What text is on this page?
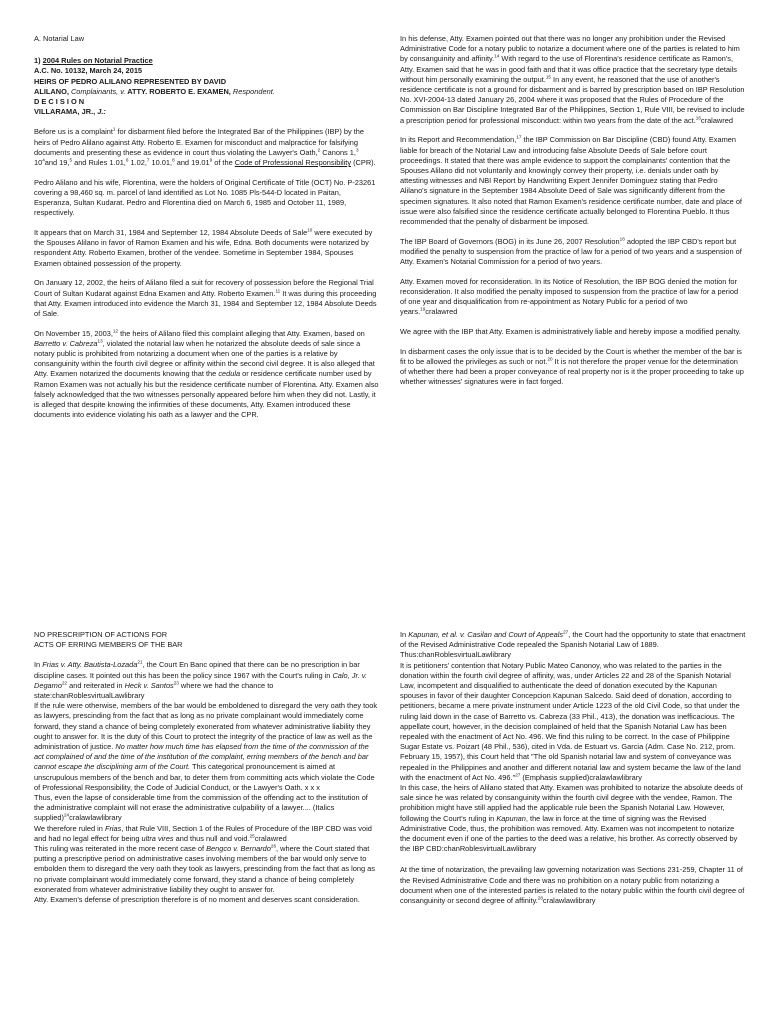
A. Notarial Law

1) 2004 Rules on Notarial Practice
A.C. No. 10132, March 24, 2015
HEIRS OF PEDRO ALILANO REPRESENTED BY DAVID
ALILANO, Complainants, v. ATTY. ROBERTO E. EXAMEN, Respondent.
D E C I S I O N
VILLARAMA, JR., J.:

Before us is a complaint$^1$ for disbarment filed before the Integrated Bar of the Philippines (IBP) by the heirs of Pedro Alilano against Atty. Roberto E. Examen for misconduct and malpractice for falsifying documents and presenting these as evidence in court thus violating the Lawyer's Oath,$^2$ Canons 1,$^3$ $10^4and$ 19,$^5$ and Rules 1.01,$^6$ 1.02,$^7$ 10.01,$^8$ and 19.01$^9$ of the Code of Professional Responsibility (CPR).

Pedro Alilano and his wife, Florentina, were the holders of Original Certificate of Title (OCT) No. P-23261 covering a 98,460 sq. m. parcel of land identified as Lot No. 1085 Pls-544-D located in Paitan, Esperanza, Sultan Kudarat. Pedro and Florentina died on March 6, 1985 and October 11, 1989, respectively.

It appears that on March 31, 1984 and September 12, 1984 Absolute Deeds of Sale$^{10}$ were executed by the Spouses Alilano in favor of Ramon Examen and his wife, Edna. Both documents were notarized by respondent Atty. Roberto Examen, brother of the vendee. Sometime in September 1984, Spouses Examen obtained possession of the property.

On January 12, 2002, the heirs of Alilano filed a suit for recovery of possession before the Regional Trial Court of Sultan Kudarat against Edna Examen and Atty. Roberto Examen.$^{11}$ It was during this proceeding that Atty. Examen introduced into evidence the March 31, 1984 and September 12, 1984 Absolute Deeds of Sale.

On November 15, 2003,12 the heirs of Alilano filed this complaint alleging that Atty. Examen, based on Barretto v. Cabreza$^{13}$, violated the notarial law when he notarized the absolute deeds of sale since a notary public is prohibited from notarizing a document when one of the parties is a relative by consanguinity within the fourth civil degree or affinity within the second civil degree. It is also alleged that Atty. Examen notarized the documents knowing that the cedula or residence certificate number used by Ramon Examen was not actually his but the residence certificate number of Florentina. Atty. Examen also falsely acknowledged that the two witnesses personally appeared before him when they did not. Lastly, it is alleged that despite knowing the infirmities of these documents, Atty. Examen introduced these documents into evidence violating his oath as a lawyer and the CPR.

In his defense, Atty. Examen pointed out that there was no longer any prohibition under the Revised Administrative Code for a notary public to notarize a document where one of the parties is related to him by consanguinity and affinity.$^{14}$ With regard to the use of Florentina's residence certificate as Ramon's, Atty. Examen said that he was in good faith and that it was office practice that the secretary type details without him personally examining the output.$^{15}$ In any event, he reasoned that the use of another's residence certificate is not a ground for disbarment and is barred by prescription based on IBP Resolution No. XVI-2004-13 dated January 26, 2004 where it was proposed that the Rules of Procedure of the Commission on Bar Discipline Integrated Bar of the Philippines, Section 1, Rule VIII, be revised to include a prescription period for professional misconduct: within two years from the date of the act.$^{16}$cralawred

In its Report and Recommendation,$^{17}$ the IBP Commission on Bar Discipline (CBD) found Atty. Examen liable for breach of the Notarial Law and introducing false Absolute Deeds of Sale before court proceedings. It stated that there was ample evidence to support the complainants' contention that the Spouses Alilano did not voluntarily and knowingly convey their property, i.e. denials under oath by attesting witnesses and NBI Report by Handwriting Expert Jennifer Dominguez stating that Pedro Alilano's signature in the September 1984 Absolute Deed of Sale was significantly different from the specimen signatures. It also noted that Ramon Examen's residence certificate number, date and place of issue were also falsified since the residence certificate actually belonged to Florentina Pueblo. It thus recommended that the penalty of disbarment be imposed.

The IBP Board of Governors (BOG) in its June 26, 2007 Resolution$^{18}$ adopted the IBP CBD's report but modified the penalty to suspension from the practice of law for a period of two years and a suspension of Atty. Examen's Notarial Commission for a period of two years.

Atty. Examen moved for reconsideration. In its Notice of Resolution, the IBP BOG denied the motion for reconsideration. It also modified the penalty imposed to suspension from the practice of law for a period of one year and disqualification from re-appointment as Notary Public for a period of two years.$^{19}$cralawred

We agree with the IBP that Atty. Examen is administratively liable and hereby impose a modified penalty.

In disbarment cases the only issue that is to be decided by the Court is whether the member of the bar is fit to be allowed the privileges as such or not.$^{20}$ It is not therefore the proper venue for the determination of whether there had been a proper conveyance of real property nor is it the proper proceeding to take up whether witnesses' signatures were in fact forged.

NO PRESCRIPTION OF ACTIONS FOR
ACTS OF ERRING MEMBERS OF THE BAR

In Frias v. Atty. Bautista-Lozada$^{21}$, the Court En Banc opined that there can be no prescription in bar discipline cases. It pointed out this has been the policy since 1967 with the Court's ruling in Calo, Jr. v. Degamo$^{22}$ and reiterated in Heck v. Santos$^{23}$ where we had the chance to state:chanRoblesvirtualLawlibrary

If the rule were otherwise, members of the bar would be emboldened to disregard the very oath they took as lawyers, prescinding from the fact that as long as no private complainant would immediately come forward, they stand a chance of being completely exonerated from whatever administrative liability they ought to answer for. It is the duty of this Court to protect the integrity of the practice of law as well as the administration of justice. No matter how much time has elapsed from the time of the commission of the act complained of and the time of the institution of the complaint, erring members of the bench and bar cannot escape the disciplining arm of the Court. This categorical pronouncement is aimed at unscrupulous members of the bench and bar, to deter them from committing acts which violate the Code of Professional Responsibility, the Code of Judicial Conduct, or the Lawyer's Oath. x x x

Thus, even the lapse of considerable time from the commission of the offending act to the institution of the administrative complaint will not erase the administrative culpability of a lawyer.... (Italics supplied)$^{24}$cralawlawlibrary

We therefore ruled in Frias, that Rule VIII, Section 1 of the Rules of Procedure of the IBP CBD was void and had no legal effect for being ultra vires and thus null and void.$^{25}$cralawred

This ruling was reiterated in the more recent case of Bengco v. Bernardo$^{26}$, where the Court stated that putting a prescriptive period on administrative cases involving members of the bar would only serve to embolden them to disregard the very oath they took as lawyers, prescinding from the fact that as long as no private complainant would immediately come forward, they stand a chance of being completely exonerated from whatever administrative liability they ought to answer for.

Atty. Examen's defense of prescription therefore is of no moment and deserves scant consideration.

In Kapunan, et al. v. Casilan and Court of Appeals$^{27}$, the Court had the opportunity to state that enactment of the Revised Administrative Code repealed the Spanish Notarial Law of 1889. Thus:chanRoblesvirtualLawlibrary

It is petitioners' contention that Notary Public Mateo Canonoy, who was related to the parties in the donation within the fourth civil degree of affinity, was, under Articles 22 and 28 of the Spanish Notarial Law, incompetent and disqualified to authenticate the deed of donation executed by the Kapunan spouses in favor of their daughter Concepcion Kapunan Salcedo. Said deed of donation, according to petitioners, became a mere private instrument under Article 1223 of the old Civil Code, so that under the ruling laid down in the case of Barretto vs. Cabreza (33 Phil., 413), the donation was inefficacious. The appellate court, however, in the decision complained of held that the Spanish Notarial Law has been repealed with the enactment of Act No. 496. We find this ruling to be correct. In the case of Philippine Sugar Estate vs. Poizart (48 Phil., 536), cited in Vda. de Estuart vs. Garcia (Adm. Case No. 212, prom. February 15, 1957), this Court held that "The old Spanish notarial law and system of conveyance was repealed in the Philippines and another and different notarial law and system became the law of the land with the enactment of Act No. 496."$^{27}$ (Emphasis supplied)cralawlawlibrary

In this case, the heirs of Alilano stated that Atty. Examen was prohibited to notarize the absolute deeds of sale since he was related by consanguinity within the fourth civil degree with the vendee, Ramon. The prohibition might have still applied had the applicable rule been the Spanish Notarial Law. However, following the Court's ruling in Kapunan, the law in force at the time of signing was the Revised Administrative Code, thus, the prohibition was removed. Atty. Examen was not incompetent to notarize the document even if one of the parties to the deed was a relative, his brother. As correctly observed by the IBP CBD:chanRoblesvirtualLawlibrary

At the time of notarization, the prevailing law governing notarization was Sections 231-259, Chapter 11 of the Revised Administrative Code and there was no prohibition on a notary public from notarizing a document when one of the interested parties is related to the notary public within the fourth civil degree of consanguinity or second degree of affinity.$^{28}$cralawlawlibrary
